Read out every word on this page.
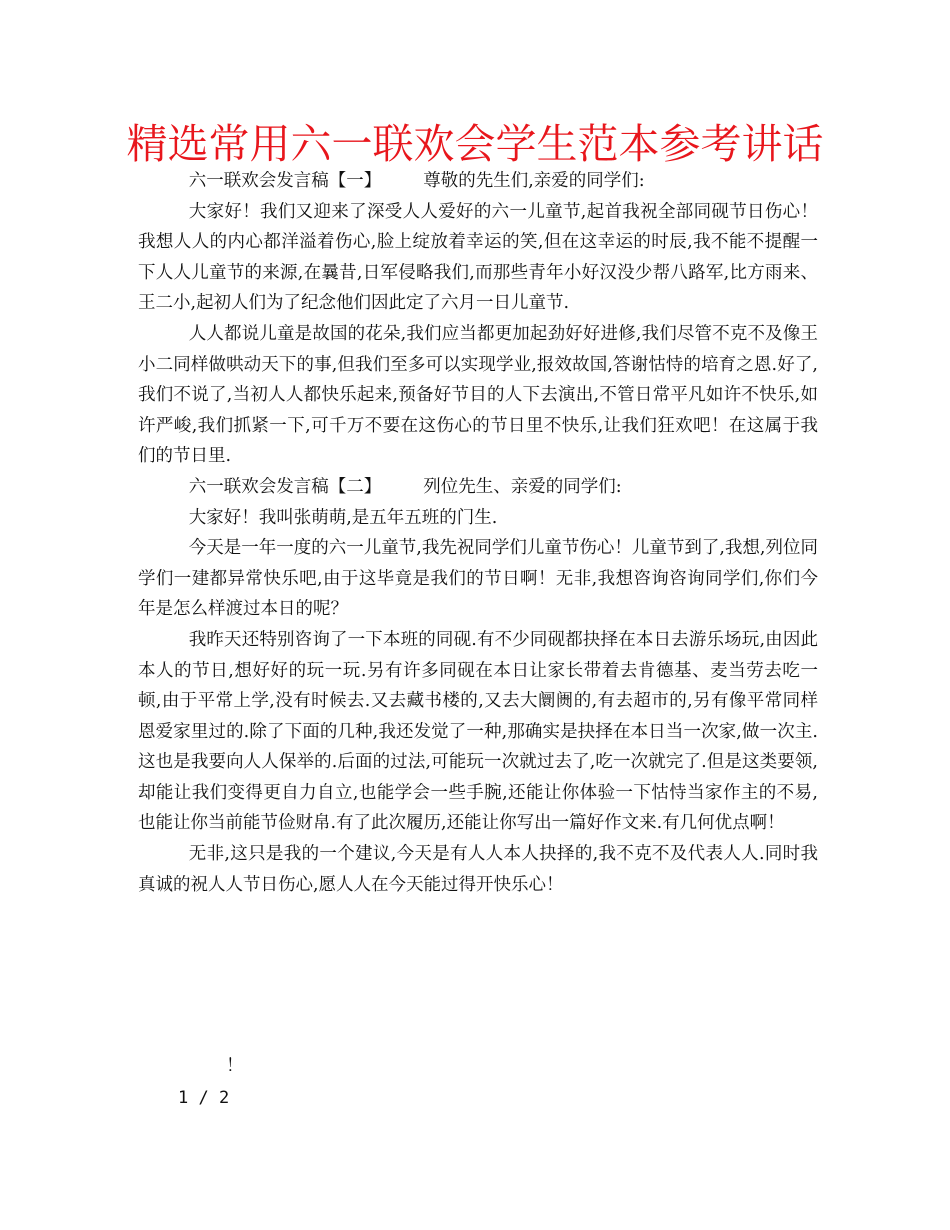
精选常用六一联欢会学生范本参考讲话

六一联欢会发言稿【一】 尊敬的先生们,亲爱的同学们:

大家好！我们又迎来了深受人人爱好的六一儿童节,起首我祝全部同砚节日伤心！我想人人的内心都洋溢着伤心,脸上绽放着幸运的笑,但在这幸运的时辰,我不能不提醒一下人人儿童节的来源,在曩昔,日军侵略我们,而那些青年小好汉没少帮八路军,比方雨来、王二小,起初人们为了纪念他们因此定了六月一日儿童节.

人人都说儿童是故国的花朵,我们应当都更加起劲好好进修,我们尽管不克不及像王小二同样做哄动天下的事,但我们至多可以实现学业,报效故国,答谢怙恃的培育之恩.好了,我们不说了,当初人人都快乐起来,预备好节目的人下去演出,不管日常平凡如许不快乐,如许严峻,我们抓紧一下,可千万不要在这伤心的节日里不快乐,让我们狂欢吧！在这属于我们的节日里.

六一联欢会发言稿【二】 列位先生、亲爱的同学们:

大家好！我叫张萌萌,是五年五班的门生.

今天是一年一度的六一儿童节,我先祝同学们儿童节伤心！儿童节到了,我想,列位同学们一建都异常快乐吧,由于这毕竟是我们的节日啊！无非,我想咨询咨询同学们,你们今年是怎么样渡过本日的呢？

我昨天还特别咨询了一下本班的同砚.有不少同砚都抉择在本日去游乐场玩,由因此本人的节日,想好好的玩一玩.另有许多同砚在本日让家长带着去肯德基、麦当劳去吃一顿,由于平常上学,没有时候去.又去藏书楼的,又去大阛阓的,有去超市的,另有像平常同样恩爱家里过的.除了下面的几种,我还发觉了一种,那确实是抉择在本日当一次家,做一次主.这也是我要向人人保举的.后面的过法,可能玩一次就过去了,吃一次就完了.但是这类要领,却能让我们变得更自力自立,也能学会一些手腕,还能让你体验一下怙恃当家作主的不易,也能让你当前能节俭财帛.有了此次履历,还能让你写出一篇好作文来.有几何优点啊！

无非,这只是我的一个建议,今天是有人人本人抉择的,我不克不及代表人人.同时我真诚的祝人人节日伤心,愿人人在今天能过得开快乐心！

！
1 / 2
